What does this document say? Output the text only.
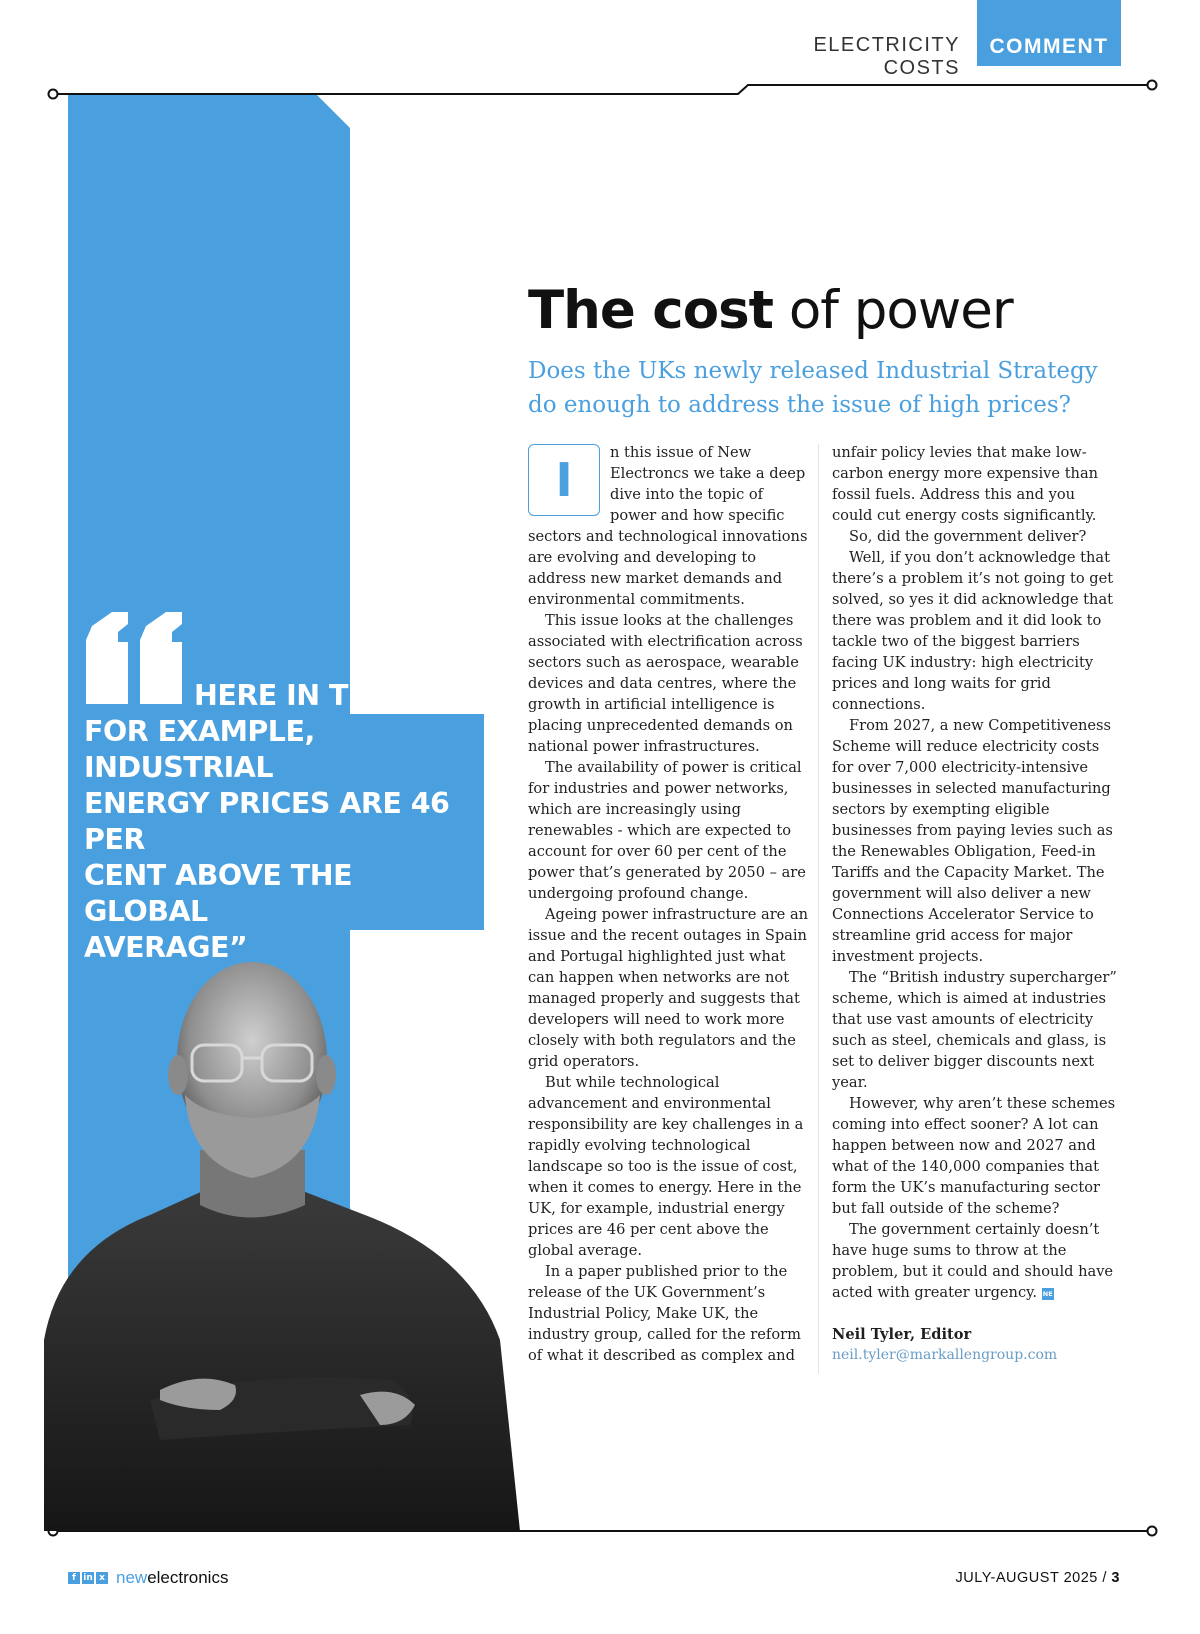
ELECTRICITY COSTS
COMMENT
HERE IN THE UK,
FOR EXAMPLE, INDUSTRIAL
ENERGY PRICES ARE 46 PER
CENT ABOVE THE GLOBAL
AVERAGE”
The cost of power
Does the UKs newly released Industrial Strategy do enough to address the issue of high prices?

I	n this issue of New Electroncs we take a deep dive into the topic of power and how specific sectors and technological innovations are evolving and developing to address new market demands and environmental commitments.

This issue looks at the challenges associated with electrification across sectors such as aerospace, wearable devices and data centres, where the growth in artificial intelligence is placing unprecedented demands on national power infrastructures.

The availability of power is critical for industries and power networks, which are increasingly using renewables - which are expected to account for over 60 per cent of the power that’s generated by 2050 – are undergoing profound change.

Ageing power infrastructure are an issue and the recent outages in Spain and Portugal highlighted just what can happen when networks are not managed properly and suggests that developers will need to work more closely with both regulators and the grid operators.

But while technological advancement and environmental responsibility are key challenges in a rapidly evolving technological landscape so too is the issue of cost, when it comes to energy. Here in the UK, for example, industrial energy prices are 46 per cent above the global average.

In a paper published prior to the release of the UK Government’s Industrial Policy, Make UK, the industry group, called for the reform of what it described as complex and

unfair policy levies that make low-carbon energy more expensive than fossil fuels. Address this and you could cut energy costs significantly.

So, did the government deliver?

Well, if you don’t acknowledge that there’s a problem it’s not going to get solved, so yes it did acknowledge that there was problem and it did look to tackle two of the biggest barriers facing UK industry: high electricity prices and long waits for grid connections.

From 2027, a new Competitiveness Scheme will reduce electricity costs for over 7,000 electricity-intensive businesses in selected manufacturing sectors by exempting eligible businesses from paying levies such as the Renewables Obligation, Feed-in Tariffs and the Capacity Market. The government will also deliver a new Connections Accelerator Service to streamline grid access for major investment projects.

The “British industry supercharger” scheme, which is aimed at industries that use vast amounts of electricity such as steel, chemicals and glass, is set to deliver bigger discounts next year.

However, why aren’t these schemes coming into effect sooner? A lot can happen between now and 2027 and what of the 140,000 companies that form the UK’s manufacturing sector but fall outside of the scheme?

The government certainly doesn’t have huge sums to throw at the problem, but it could and should have acted with greater urgency. NE

Neil Tyler, Editor

neil.tyler@markallengroup.com

f in x newelectronics	JULY-AUGUST 2025 / 3
